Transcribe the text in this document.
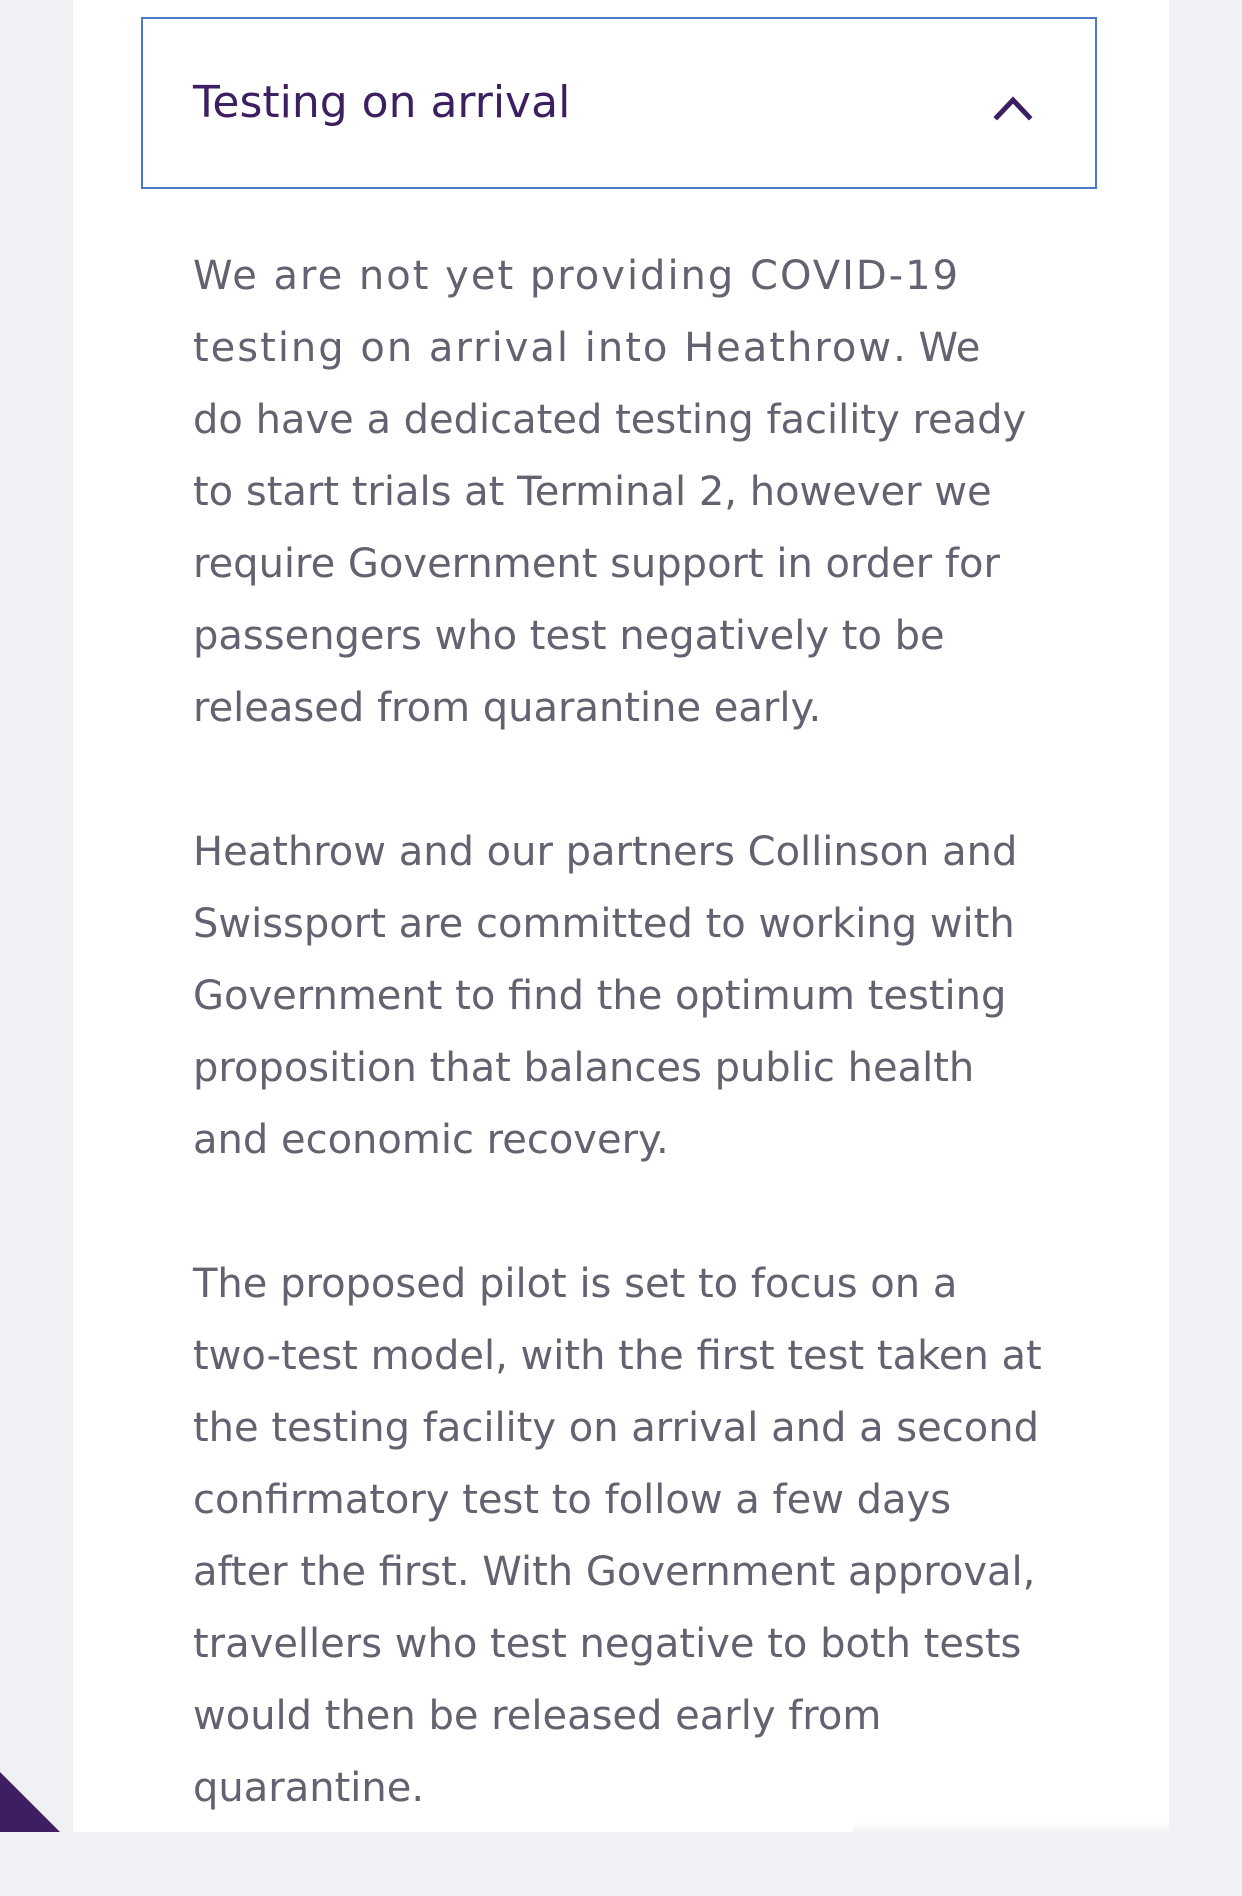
Testing on arrival

We are not yet providing COVID-19
testing on arrival into Heathrow. We
do have a dedicated testing facility ready
to start trials at Terminal 2, however we
require Government support in order for
passengers who test negatively to be
released from quarantine early.

Heathrow and our partners Collinson and
Swissport are committed to working with
Government to find the optimum testing
proposition that balances public health
and economic recovery.

The proposed pilot is set to focus on a
two-test model, with the first test taken at
the testing facility on arrival and a second
confirmatory test to follow a few days
after the first. With Government approval,
travellers who test negative to both tests
would then be released early from
quarantine.
